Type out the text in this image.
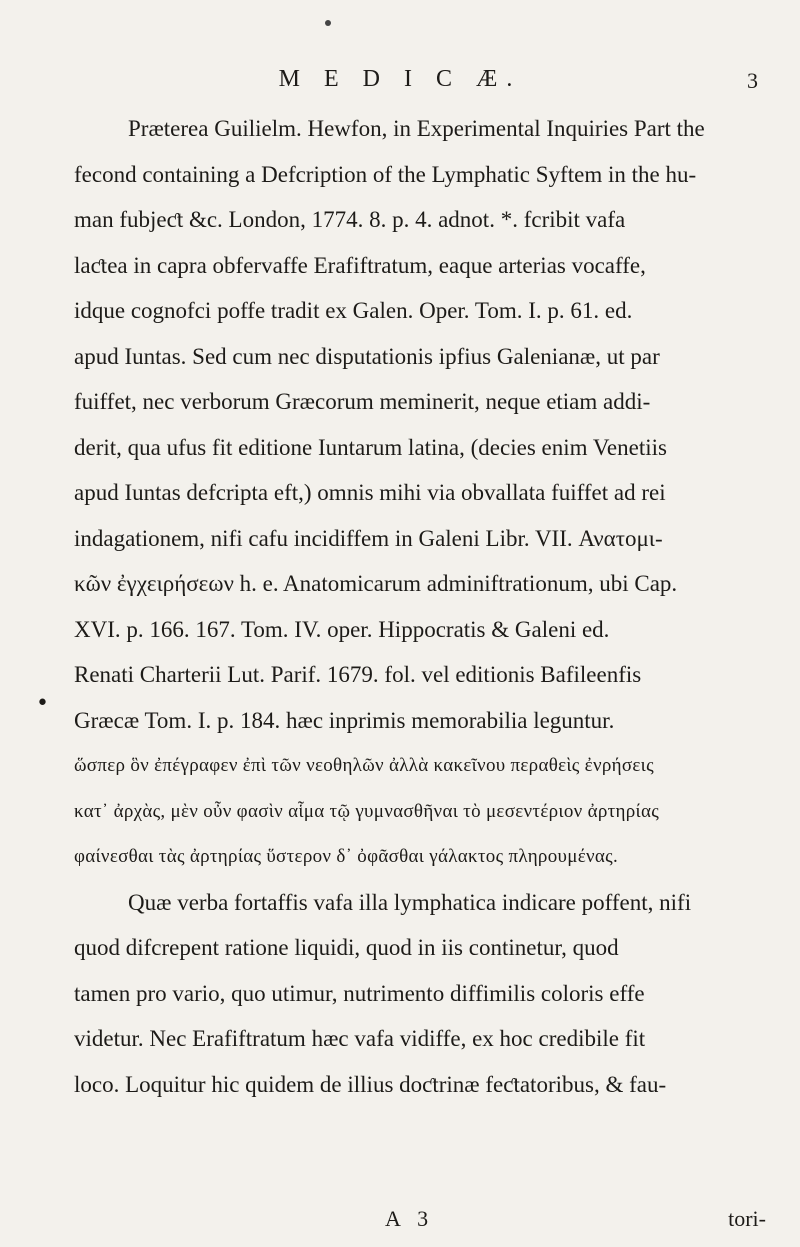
M E D I C Æ.	3
•
Præterea Guilielm. Hewfon, in Experimental Inquiries Part the
fecond containing a Defcription of the Lymphatic Syftem in the hu-
man fubjeƈt &c. London, 1774. 8. p. 4. adnot. *. fcribit vafa
laƈtea in capra obfervaffe Erafiftratum, eaque arterias vocaffe,
idque cognofci poffe tradit ex Galen. Oper. Tom. I. p. 61. ed.
apud Iuntas. Sed cum nec disputationis ipfius Galenianæ, ut par
fuiffet, nec verborum Græcorum meminerit, neque etiam addi-
derit, qua ufus fit editione Iuntarum latina, (decies enim Venetiis
apud Iuntas defcripta eft,) omnis mihi via obvallata fuiffet ad rei
indagationem, nifi cafu incidiffem in Galeni Libr. VII. Ανατομι-
κῶν ἐγχειρήσεων h. e. Anatomicarum adminiftrationum, ubi Cap.
XVI. p. 166. 167. Tom. IV. oper. Hippocratis & Galeni ed.
Renati Charterii Lut. Parif. 1679. fol. vel editionis Bafileenfis
Græcæ Tom. I. p. 184. hæc inprimis memorabilia leguntur.
ὥσπερ ὃν ἐπέγραφεν ἐπὶ τῶν νεοθηλῶν ἀλλὰ κακεῖνου περαθεὶς ἐνρήσεις
κατ᾽ ἀρχὰς, μὲν οὖν φασὶν αἷμα τῷ γυμνασθῆναι τὸ μεσεντέριον ἀρτηρίας
φαίνεσθαι τὰς ἀρτηρίας ὕστερον δ᾽ ὀφᾶσθαι γάλακτος πληρουμένας.
Quæ verba fortaffis vafa illa lymphatica indicare poffent, nifi
quod difcrepent ratione liquidi, quod in iis continetur, quod
tamen pro vario, quo utimur, nutrimento diffimilis coloris effe
videtur. Nec Erafiftratum hæc vafa vidiffe, ex hoc credibile fit
loco. Loquitur hic quidem de illius doƈtrinæ feƈtatoribus, & fau-
A 3	tori-
